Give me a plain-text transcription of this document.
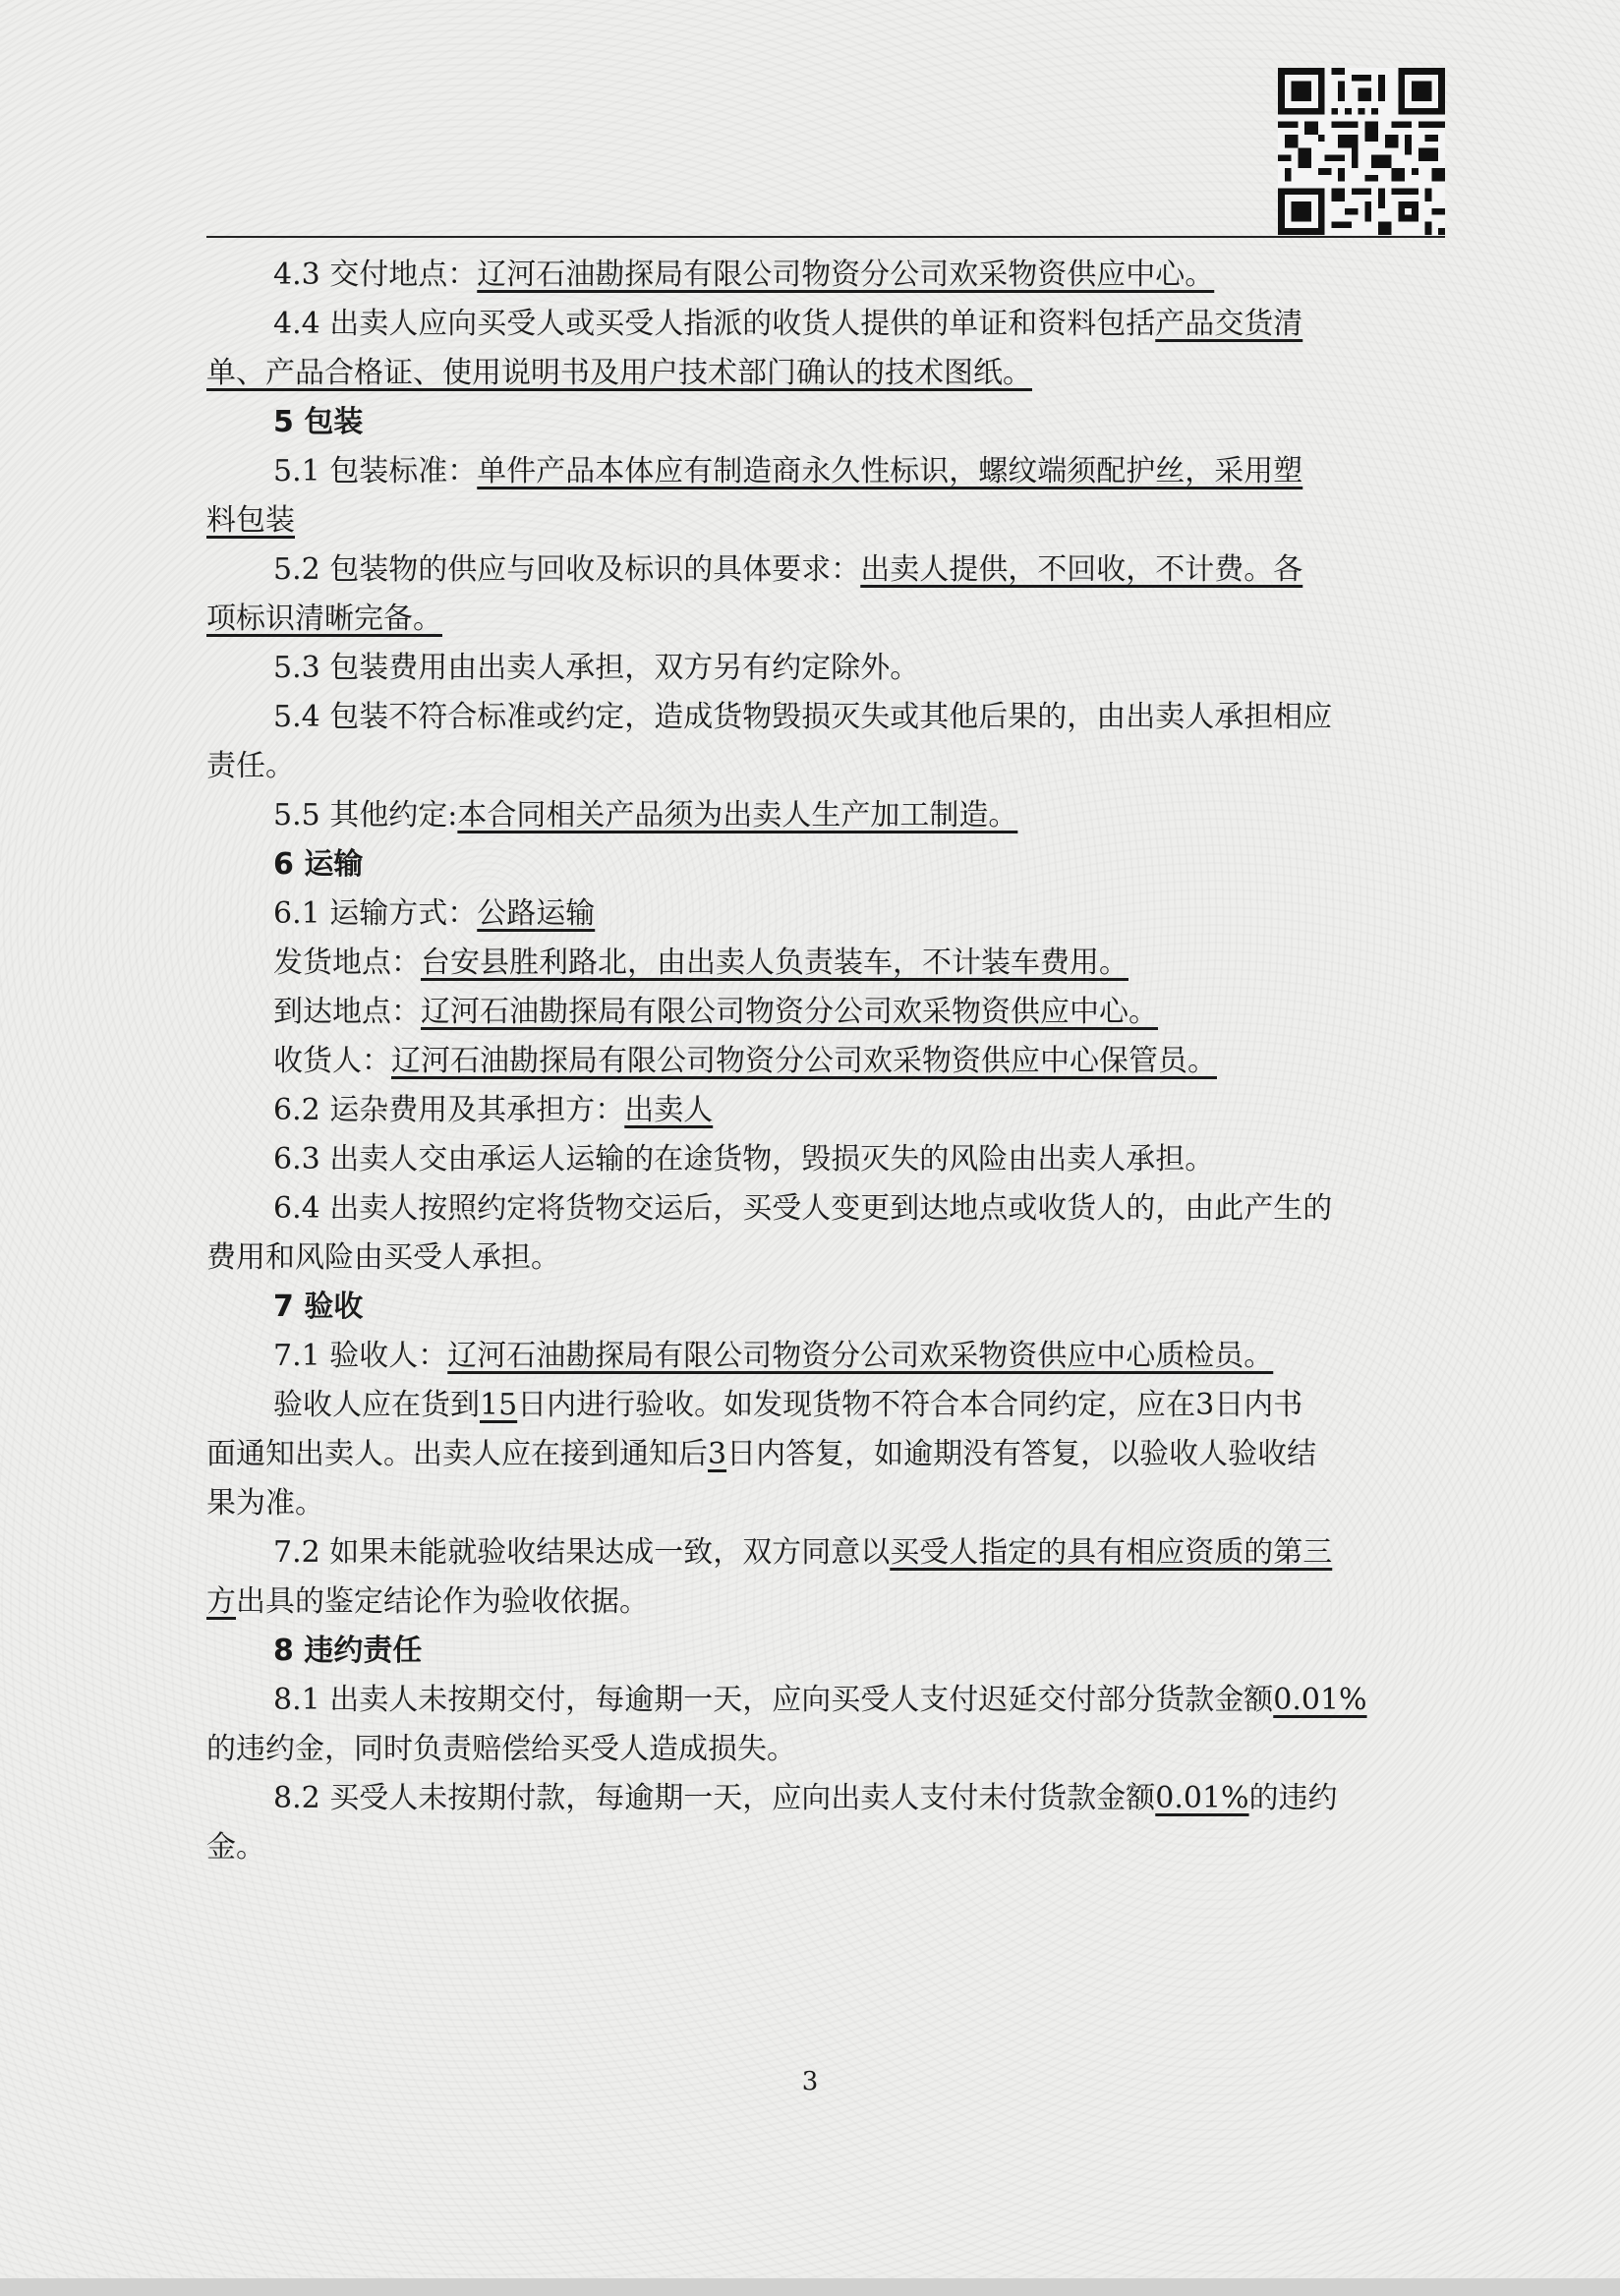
4.3 交付地点：辽河石油勘探局有限公司物资分公司欢采物资供应中心。
4.4 出卖人应向买受人或买受人指派的收货人提供的单证和资料包括产品交货清
单、产品合格证、使用说明书及用户技术部门确认的技术图纸。
5 包装
5.1 包装标准：单件产品本体应有制造商永久性标识，螺纹端须配护丝，采用塑
料包装
5.2 包装物的供应与回收及标识的具体要求：出卖人提供，不回收，不计费。各
项标识清晰完备。
5.3 包装费用由出卖人承担，双方另有约定除外。
5.4 包装不符合标准或约定，造成货物毁损灭失或其他后果的，由出卖人承担相应
责任。
5.5 其他约定:本合同相关产品须为出卖人生产加工制造。
6 运输
6.1 运输方式：公路运输
发货地点：台安县胜利路北，由出卖人负责装车，不计装车费用。
到达地点：辽河石油勘探局有限公司物资分公司欢采物资供应中心。
收货人：辽河石油勘探局有限公司物资分公司欢采物资供应中心保管员。
6.2 运杂费用及其承担方：出卖人
6.3 出卖人交由承运人运输的在途货物，毁损灭失的风险由出卖人承担。
6.4 出卖人按照约定将货物交运后，买受人变更到达地点或收货人的，由此产生的
费用和风险由买受人承担。
7 验收
7.1 验收人：辽河石油勘探局有限公司物资分公司欢采物资供应中心质检员。
验收人应在货到15日内进行验收。如发现货物不符合本合同约定，应在3日内书
面通知出卖人。出卖人应在接到通知后3日内答复，如逾期没有答复，以验收人验收结
果为准。
7.2 如果未能就验收结果达成一致，双方同意以买受人指定的具有相应资质的第三
方出具的鉴定结论作为验收依据。
8 违约责任
8.1 出卖人未按期交付，每逾期一天，应向买受人支付迟延交付部分货款金额0.01%
的违约金，同时负责赔偿给买受人造成损失。
8.2 买受人未按期付款，每逾期一天，应向出卖人支付未付货款金额0.01%的违约
金。
3
